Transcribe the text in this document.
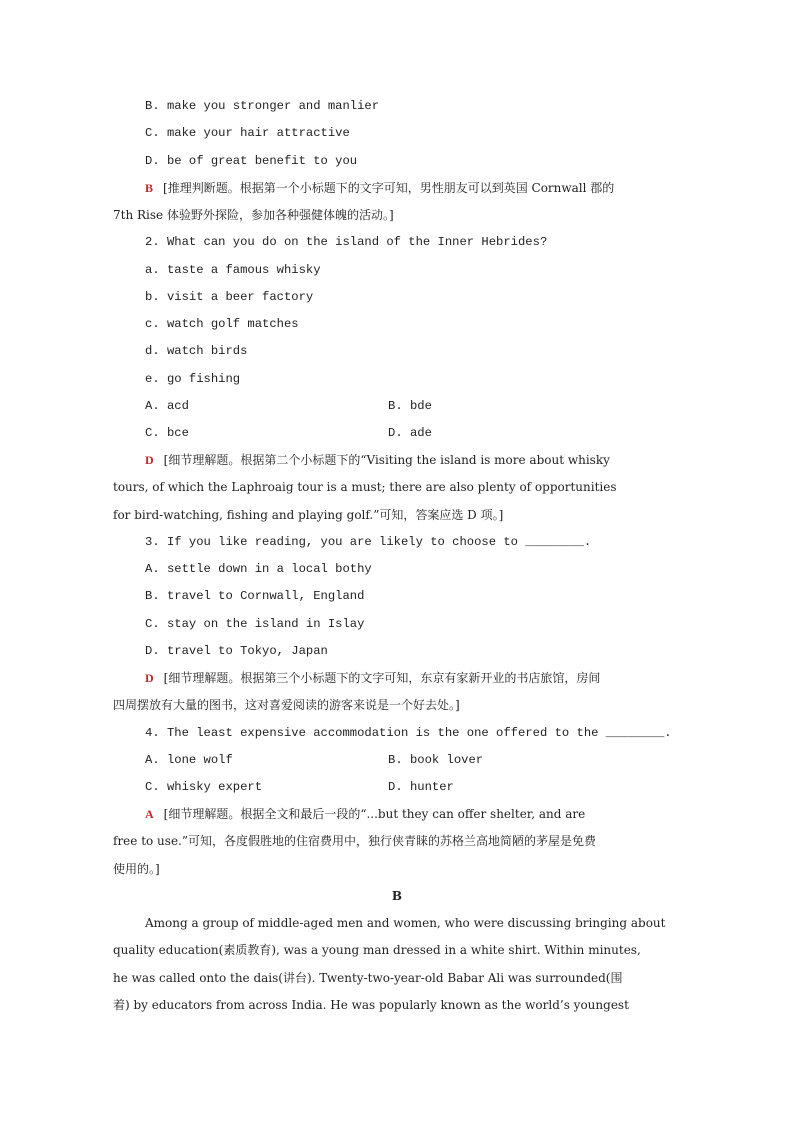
B. make you stronger and manlier
C. make your hair attractive
D. be of great benefit to you
B [推理判断题。根据第一个小标题下的文字可知，男性朋友可以到英国 Cornwall 郡的
7th Rise 体验野外探险，参加各种强健体魄的活动。]
2. What can you do on the island of the Inner Hebrides?
a. taste a famous whisky
b. visit a beer factory
c. watch golf matches
d. watch birds
e. go fishing
A. acd	B. bde
C. bce	D. ade
D [细节理解题。根据第二个小标题下的“Visiting the island is more about whisky
tours, of which the Laphroaig tour is a must; there are also plenty of opportunities
for bird-watching, fishing and playing golf.”可知，答案应选 D 项。]
3. If you like reading, you are likely to choose to ________.
A. settle down in a local bothy
B. travel to Cornwall, England
C. stay on the island in Islay
D. travel to Tokyo, Japan
D [细节理解题。根据第三个小标题下的文字可知，东京有家新开业的书店旅馆，房间
四周摆放有大量的图书，这对喜爱阅读的游客来说是一个好去处。]
4. The least expensive accommodation is the one offered to the ________.
A. lone wolf	B. book lover
C. whisky expert	D. hunter
A [细节理解题。根据全文和最后一段的“...but they can offer shelter, and are
free to use.”可知，各度假胜地的住宿费用中，独行侠青睐的苏格兰高地简陋的茅屋是免费
使用的。]
B
Among a group of middle-aged men and women, who were discussing bringing about
quality education(素质教育), was a young man dressed in a white shirt. Within minutes,
he was called onto the dais(讲台). Twenty-two-year-old Babar Ali was surrounded(围
着) by educators from across India. He was popularly known as the world’s youngest
